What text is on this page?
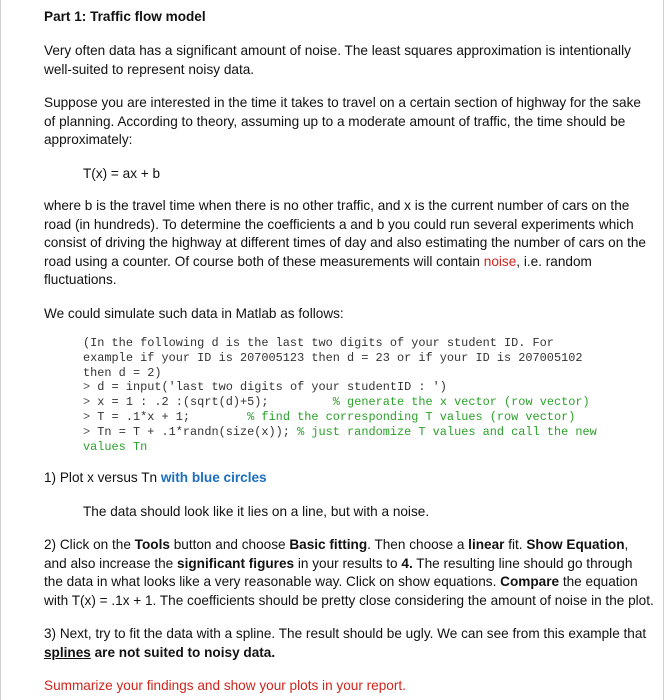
Part 1: Traffic flow model
Very often data has a significant amount of noise. The least squares approximation is intentionally well-suited to represent noisy data.
Suppose you are interested in the time it takes to travel on a certain section of highway for the sake of planning. According to theory, assuming up to a moderate amount of traffic, the time should be approximately:
T(x) = ax + b
where b is the travel time when there is no other traffic, and x is the current number of cars on the road (in hundreds). To determine the coefficients a and b you could run several experiments which consist of driving the highway at different times of day and also estimating the number of cars on the road using a counter. Of course both of these measurements will contain noise, i.e. random fluctuations.
We could simulate such data in Matlab as follows:
(In the following d is the last two digits of your student ID. For
example if your ID is 207005123 then d = 23 or if your ID is 207005102
then d = 2)
> d = input('last two digits of your studentID : ')
> x = 1 : .2 :(sqrt(d)+5);	% generate the x vector (row vector)
> T = .1*x + 1;	% find the corresponding T values (row vector)
> Tn = T + .1*randn(size(x)); % just randomize T values and call the new
values Tn
1) Plot x versus Tn with blue circles
The data should look like it lies on a line, but with a noise.
2) Click on the Tools button and choose Basic fitting. Then choose a linear fit. Show Equation, and also increase the significant figures in your results to 4. The resulting line should go through the data in what looks like a very reasonable way. Click on show equations. Compare the equation with T(x) = .1x + 1. The coefficients should be pretty close considering the amount of noise in the plot.
3) Next, try to fit the data with a spline. The result should be ugly. We can see from this example that splines are not suited to noisy data.
Summarize your findings and show your plots in your report.
